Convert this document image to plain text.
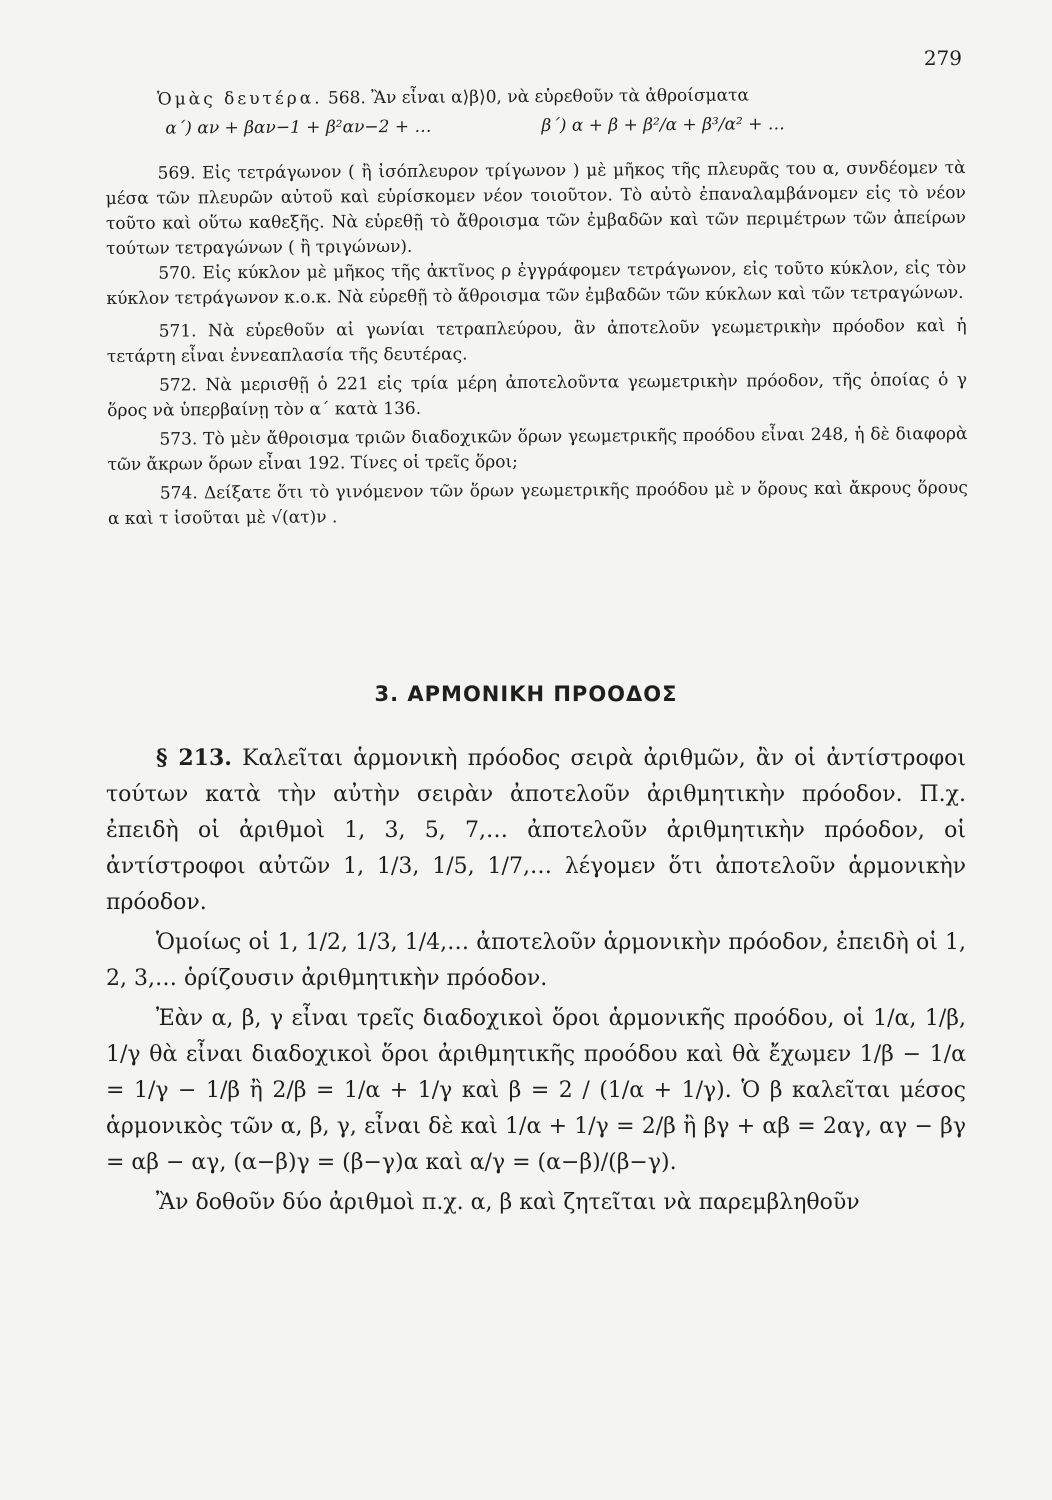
279

Ὁμὰς δευτέρα. 568. Ἂν εἶναι α⟩β⟩0, νὰ εὑρεθοῦν τὰ ἀθροίσματα

α΄) αν + βαν−1 + β²αν−2 + …	β΄) α + β + β²/α + β³/α² + …

569. Εἰς τετράγωνον ( ἢ ἰσόπλευρον τρίγωνον ) μὲ μῆκος τῆς πλευρᾶς του α, συνδέομεν τὰ μέσα τῶν πλευρῶν αὐτοῦ καὶ εὑρίσκομεν νέον τοιοῦτον. Τὸ αὐτὸ ἐπαναλαμβάνομεν εἰς τὸ νέον τοῦτο καὶ οὕτω καθεξῆς. Νὰ εὑρεθῇ τὸ ἄθροισμα τῶν ἐμβαδῶν καὶ τῶν περιμέτρων τῶν ἀπείρων τούτων τετραγώνων ( ἢ τριγώνων).

570. Εἰς κύκλον μὲ μῆκος τῆς ἀκτῖνος ρ ἐγγράφομεν τετράγωνον, εἰς τοῦτο κύκλον, εἰς τὸν κύκλον τετράγωνον κ.ο.κ. Νὰ εὑρεθῇ τὸ ἄθροισμα τῶν ἐμβαδῶν τῶν κύκλων καὶ τῶν τετραγώνων.

571. Νὰ εὑρεθοῦν αἱ γωνίαι τετραπλεύρου, ἂν ἀποτελοῦν γεωμετρικὴν πρόοδον καὶ ἡ τετάρτη εἶναι ἐννεαπλασία τῆς δευτέρας.

572. Νὰ μερισθῇ ὁ 221 εἰς τρία μέρη ἀποτελοῦντα γεωμετρικὴν πρόοδον, τῆς ὁποίας ὁ γ ὅρος νὰ ὑπερβαίνῃ τὸν α΄ κατὰ 136.

573. Τὸ μὲν ἄθροισμα τριῶν διαδοχικῶν ὅρων γεωμετρικῆς προόδου εἶναι 248, ἡ δὲ διαφορὰ τῶν ἄκρων ὅρων εἶναι 192. Τίνες οἱ τρεῖς ὅροι;

574. Δείξατε ὅτι τὸ γινόμενον τῶν ὅρων γεωμετρικῆς προόδου μὲ ν ὅρους καὶ ἄκρους ὅρους α καὶ τ ἰσοῦται μὲ √(ατ)ν .

3. ΑΡΜΟΝΙΚΗ ΠΡΟΟΔΟΣ

§ 213. Καλεῖται ἁρμονικὴ πρόοδος σειρὰ ἀριθμῶν, ἂν οἱ ἀντίστροφοι τούτων κατὰ τὴν αὐτὴν σειρὰν ἀποτελοῦν ἀριθμητικὴν πρόοδον. Π.χ. ἐπειδὴ οἱ ἀριθμοὶ 1, 3, 5, 7,… ἀποτελοῦν ἀριθμητικὴν πρόοδον, οἱ ἀντίστροφοι αὐτῶν 1, 1/3, 1/5, 1/7,… λέγομεν ὅτι ἀποτελοῦν ἁρμονικὴν πρόοδον.

Ὁμοίως οἱ 1, 1/2, 1/3, 1/4,… ἀποτελοῦν ἁρμονικὴν πρόοδον, ἐπειδὴ οἱ 1, 2, 3,… ὁρίζουσιν ἀριθμητικὴν πρόοδον.

Ἐὰν α, β, γ εἶναι τρεῖς διαδοχικοὶ ὅροι ἁρμονικῆς προόδου, οἱ 1/α, 1/β, 1/γ θὰ εἶναι διαδοχικοὶ ὅροι ἀριθμητικῆς προόδου καὶ θὰ ἔχωμεν 1/β − 1/α = 1/γ − 1/β ἢ 2/β = 1/α + 1/γ καὶ β = 2 / (1/α + 1/γ). Ὁ β καλεῖται μέσος ἁρμονικὸς τῶν α, β, γ, εἶναι δὲ καὶ 1/α + 1/γ = 2/β ἢ βγ + αβ = 2αγ, αγ − βγ = αβ − αγ, (α−β)γ = (β−γ)α καὶ α/γ = (α−β)/(β−γ).

Ἂν δοθοῦν δύο ἀριθμοὶ π.χ. α, β καὶ ζητεῖται νὰ παρεμβληθοῦν
